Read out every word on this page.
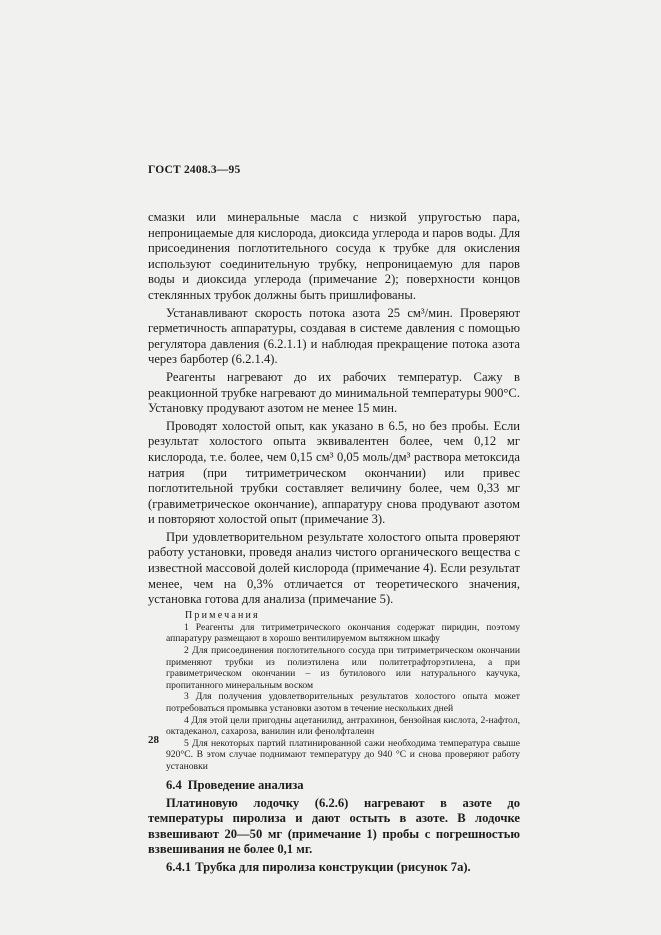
ГОСТ 2408.3—95

смазки или минеральные масла с низкой упругостью пара, непроницаемые для кислорода, диоксида углерода и паров воды. Для присоединения поглотительного сосуда к трубке для окисления используют соединительную трубку, непроницаемую для паров воды и диоксида углерода (примечание 2); поверхности концов стеклянных трубок должны быть пришлифованы.

Устанавливают скорость потока азота 25 см³/мин. Проверяют герметичность аппаратуры, создавая в системе давления с помощью регулятора давления (6.2.1.1) и наблюдая прекращение потока азота через барботер (6.2.1.4).

Реагенты нагревают до их рабочих температур. Сажу в реакционной трубке нагревают до минимальной температуры 900°C. Установку продувают азотом не менее 15 мин.

Проводят холостой опыт, как указано в 6.5, но без пробы. Если результат холостого опыта эквивалентен более, чем 0,12 мг кислорода, т.е. более, чем 0,15 см³ 0,05 моль/дм³ раствора метоксида натрия (при титриметрическом окончании) или привес поглотительной трубки составляет величину более, чем 0,33 мг (гравиметрическое окончание), аппаратуру снова продувают азотом и повторяют холостой опыт (примечание 3).

При удовлетворительном результате холостого опыта проверяют работу установки, проведя анализ чистого органического вещества с известной массовой долей кислорода (примечание 4). Если результат менее, чем на 0,3% отличается от теоретического значения, установка готова для анализа (примечание 5).

Примечания

1 Реагенты для титриметрического окончания содержат пиридин, поэтому аппаратуру размещают в хорошо вентилируемом вытяжном шкафу

2 Для присоединения поглотительного сосуда при титриметрическом окончании применяют трубки из полиэтилена или политетрафторэтилена, а при гравиметрическом окончании – из бутилового или натурального каучука, пропитанного минеральным воском

3 Для получения удовлетворительных результатов холостого опыта может потребоваться промывка установки азотом в течение нескольких дней

4 Для этой цели пригодны ацетанилид, антрахинон, бензойная кислота, 2-нафтол, октадеканол, сахароза, ванилин или фенолфталеин

5 Для некоторых партий платинированной сажи необходима температура свыше 920°C. В этом случае поднимают температуру до 940 °C и снова проверяют работу установки

6.4 Проведение анализа

Платиновую лодочку (6.2.6) нагревают в азоте до температуры пиролиза и дают остыть в азоте. В лодочке взвешивают 20—50 мг (примечание 1) пробы с погрешностью взвешивания не более 0,1 мг.

6.4.1 Трубка для пиролиза конструкции (рисунок 7а).
28
